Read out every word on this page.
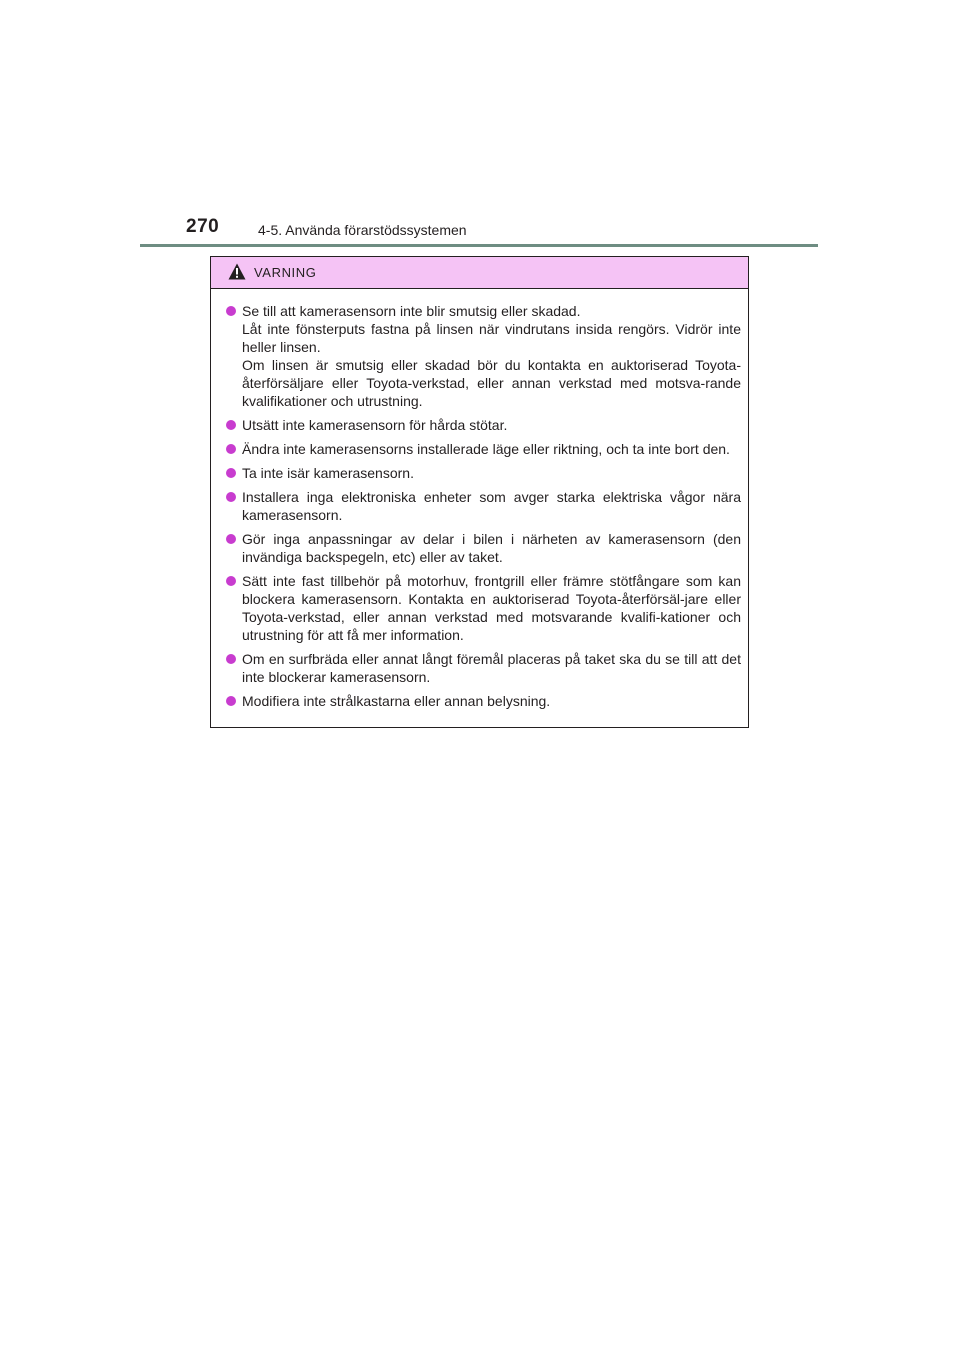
270	4-5. Använda förarstödssystemen
VARNING

Se till att kamerasensorn inte blir smutsig eller skadad.

Låt inte fönsterputs fastna på linsen när vindrutans insida rengörs. Vidrör inte heller linsen.

Om linsen är smutsig eller skadad bör du kontakta en auktoriserad Toyota-återförsäljare eller Toyota-verkstad, eller annan verkstad med motsva-rande kvalifikationer och utrustning.

Utsätt inte kamerasensorn för hårda stötar.

Ändra inte kamerasensorns installerade läge eller riktning, och ta inte bort den.

Ta inte isär kamerasensorn.

Installera inga elektroniska enheter som avger starka elektriska vågor nära kamerasensorn.

Gör inga anpassningar av delar i bilen i närheten av kamerasensorn (den invändiga backspegeln, etc) eller av taket.

Sätt inte fast tillbehör på motorhuv, frontgrill eller främre stötfångare som kan blockera kamerasensorn. Kontakta en auktoriserad Toyota-återförsäl-jare eller Toyota-verkstad, eller annan verkstad med motsvarande kvalifi-kationer och utrustning för att få mer information.

Om en surfbräda eller annat långt föremål placeras på taket ska du se till att det inte blockerar kamerasensorn.

Modifiera inte strålkastarna eller annan belysning.
